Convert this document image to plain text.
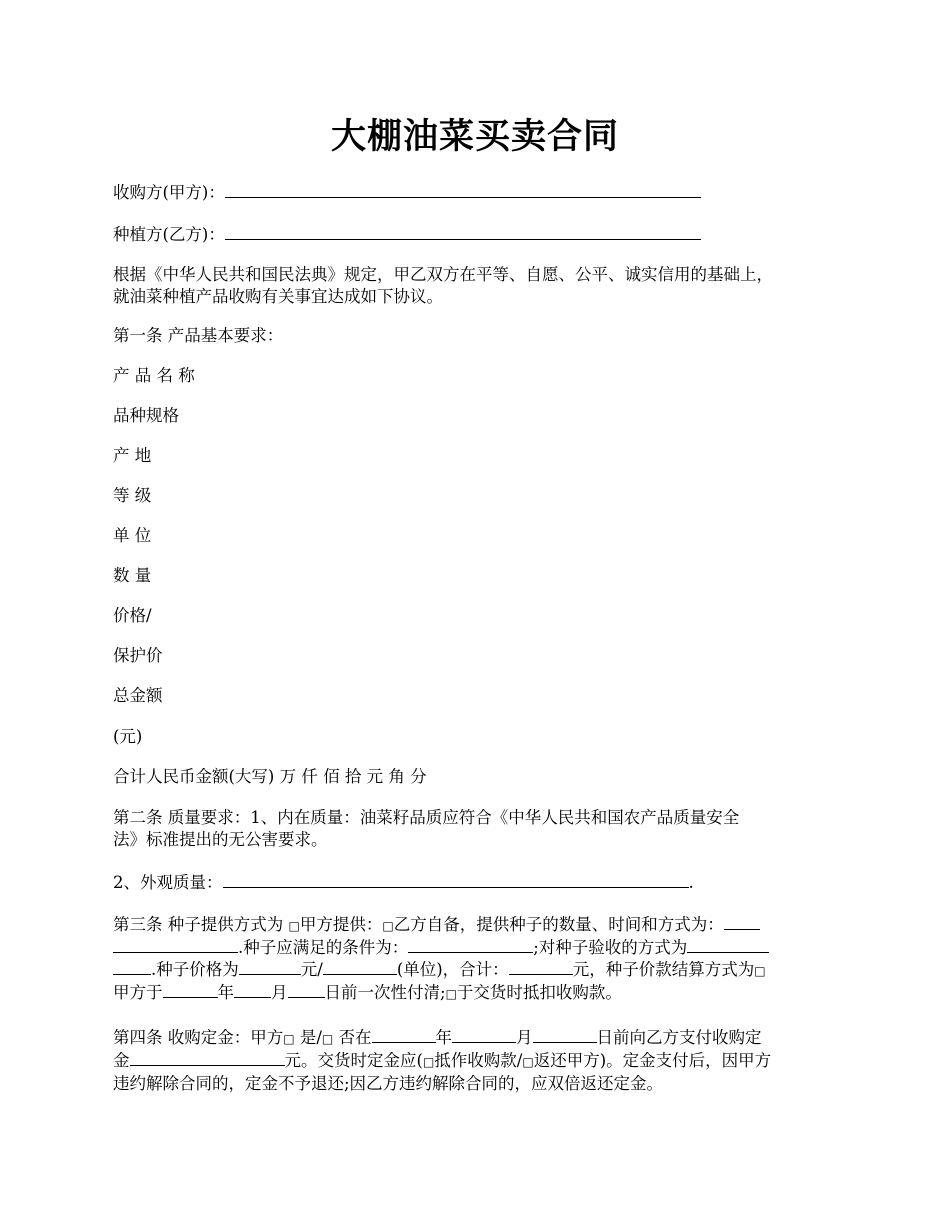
大棚油菜买卖合同
收购方(甲方)：
种植方(乙方)：
根据《中华人民共和国民法典》规定，甲乙双方在平等、自愿、公平、诚实信用的基础上，
就油菜种植产品收购有关事宜达成如下协议。
第一条 产品基本要求：
产 品 名 称
品种规格
产 地
等 级
单 位
数 量
价格/
保护价
总金额
(元)
合计人民币金额(大写) 万 仟 佰 拾 元 角 分
第二条 质量要求：1、内在质量：油菜籽品质应符合《中华人民共和国农产品质量安全
法》标准提出的无公害要求。
2、外观质量：	.
第三条 种子提供方式为 □甲方提供：□乙方自备，提供种子的数量、时间和方式为：
.种子应满足的条件为：	;对种子验收的方式为
.种子价格为	元/	(单位)，合计：	元，种子价款结算方式为□
甲方于	年 月 日前一次性付清;□于交货时抵扣收购款。
第四条 收购定金：甲方□ 是/□ 否在	年	月	日前向乙方支付收购定
金	元。交货时定金应(□抵作收购款/□返还甲方)。定金支付后，因甲方
违约解除合同的，定金不予退还;因乙方违约解除合同的，应双倍返还定金。
